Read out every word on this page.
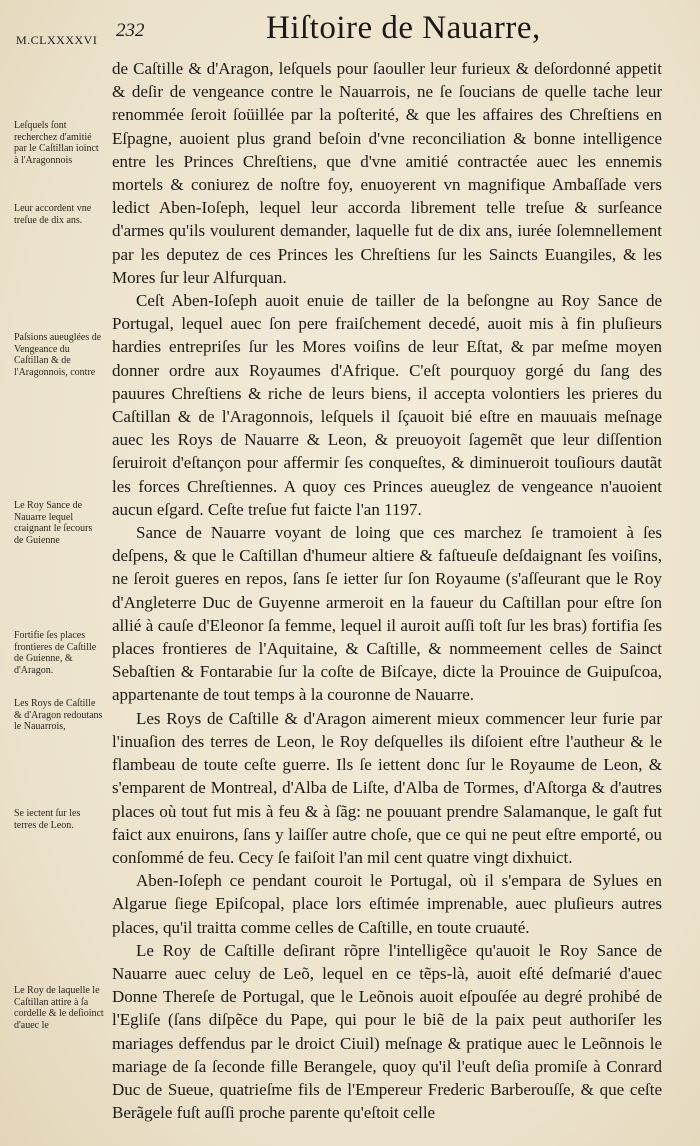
M.CLXXXXVI 232	Hiſtoire de Nauarre,
Leſquels ſont recherchez d'amitié par le Caſtillan ioinct à l'Aragonnois
Leur accordent vne treſue de dix ans.
Paſsions aueuglées de Vengeance du Caſtillan & de l'Aragonnois, contre
Le Roy Sance de Nauarre lequel craignant le ſecours de Guienne
Fortifie ſes places frontieres de Caſtille de Guienne, & d'Aragon.
Les Roys de Caſtille & d'Aragon redoutans le Nauarrois,
Se iectent ſur les terres de Leon.
Le Roy de laquelle le Caſtillan attire à ſa cordelle & le deſioinct d'auec le

de Caſtille & d'Aragon, leſquels pour ſaouller leur furieux & deſordonné appetit & deſir de vengeance contre le Nauarrois, ne ſe ſoucians de quelle tache leur renommée ſeroit ſoüillée par la poſterité, & que les affaires des Chreſtiens en Eſpagne, auoient plus grand beſoin d'vne reconciliation & bonne intelligence entre les Princes Chreſtiens, que d'vne amitié contractée auec les ennemis mortels & coniurez de noſtre foy, enuoyerent vn magnifique Ambaſſade vers ledict Aben-Ioſeph, lequel leur accorda librement telle treſue & surſeance d'armes qu'ils voulurent demander, laquelle fut de dix ans, iurée ſolemnellement par les deputez de ces Princes les Chreſtiens ſur les Saincts Euangiles, & les Mores ſur leur Alfurquan.

Ceſt Aben-Ioſeph auoit enuie de tailler de la beſongne au Roy Sance de Portugal, lequel auec ſon pere fraiſchement decedé, auoit mis à fin pluſieurs hardies entrepriſes ſur les Mores voiſins de leur Eſtat, & par meſme moyen donner ordre aux Royaumes d'Afrique. C'eſt pourquoy gorgé du ſang des pauures Chreſtiens & riche de leurs biens, il accepta volontiers les prieres du Caſtillan & de l'Aragonnois, leſquels il ſçauoit bié eſtre en mauuais meſnage auec les Roys de Nauarre & Leon, & preuoyoit ſagemẽt que leur diſſention ſeruiroit d'eſtançon pour affermir ſes conqueſtes, & diminueroit touſiours dautãt les forces Chreſtiennes. A quoy ces Princes aueuglez de vengeance n'auoient aucun eſgard. Ceſte treſue fut faicte l'an 1197.

Sance de Nauarre voyant de loing que ces marchez ſe tramoient à ſes deſpens, & que le Caſtillan d'humeur altiere & faſtueuſe deſdaignant ſes voiſins, ne ſeroit gueres en repos, ſans ſe ietter ſur ſon Royaume (s'aſſeurant que le Roy d'Angleterre Duc de Guyenne armeroit en la faueur du Caſtillan pour eſtre ſon allié à cauſe d'Eleonor ſa femme, lequel il auroit auſſi toſt ſur les bras) fortifia ſes places frontieres de l'Aquitaine, & Caſtille, & nommeement celles de Sainct Sebaſtien & Fontarabie ſur la coſte de Biſcaye, dicte la Prouince de Guipuſcoa, appartenante de tout temps à la couronne de Nauarre.

Les Roys de Caſtille & d'Aragon aimerent mieux commencer leur furie par l'inuaſion des terres de Leon, le Roy deſquelles ils diſoient eſtre l'autheur & le flambeau de toute ceſte guerre. Ils ſe iettent donc ſur le Royaume de Leon, & s'emparent de Montreal, d'Alba de Liſte, d'Alba de Tormes, d'Aſtorga & d'autres places où tout fut mis à feu & à ſãg: ne pouuant prendre Salamanque, le gaſt fut faict aux enuirons, ſans y laiſſer autre choſe, que ce qui ne peut eſtre emporté, ou conſommé de feu. Cecy ſe faiſoit l'an mil cent quatre vingt dixhuict.

Aben-Ioſeph ce pendant couroit le Portugal, où il s'empara de Sylues en Algarue ſiege Epiſcopal, place lors eſtimée imprenable, auec pluſieurs autres places, qu'il traitta comme celles de Caſtille, en toute cruauté.

Le Roy de Caſtille deſirant rõpre l'intelligẽce qu'auoit le Roy Sance de Nauarre auec celuy de Leõ, lequel en ce tẽps-là, auoit eſté deſmarié d'auec Donne Thereſe de Portugal, que le Leõnois auoit eſpouſée au degré prohibé de l'Egliſe (ſans diſpẽce du Pape, qui pour le biẽ de la paix peut authoriſer les mariages deffendus par le droict Ciuil) meſnage & pratique auec le Leõnnois le mariage de ſa ſeconde fille Berangele, quoy qu'il l'euſt deſia promiſe à Conrard Duc de Sueue, quatrieſme fils de l'Empereur Frederic Barberouſſe, & que ceſte Berãgele fuſt auſſi proche parente qu'eſtoit celle
